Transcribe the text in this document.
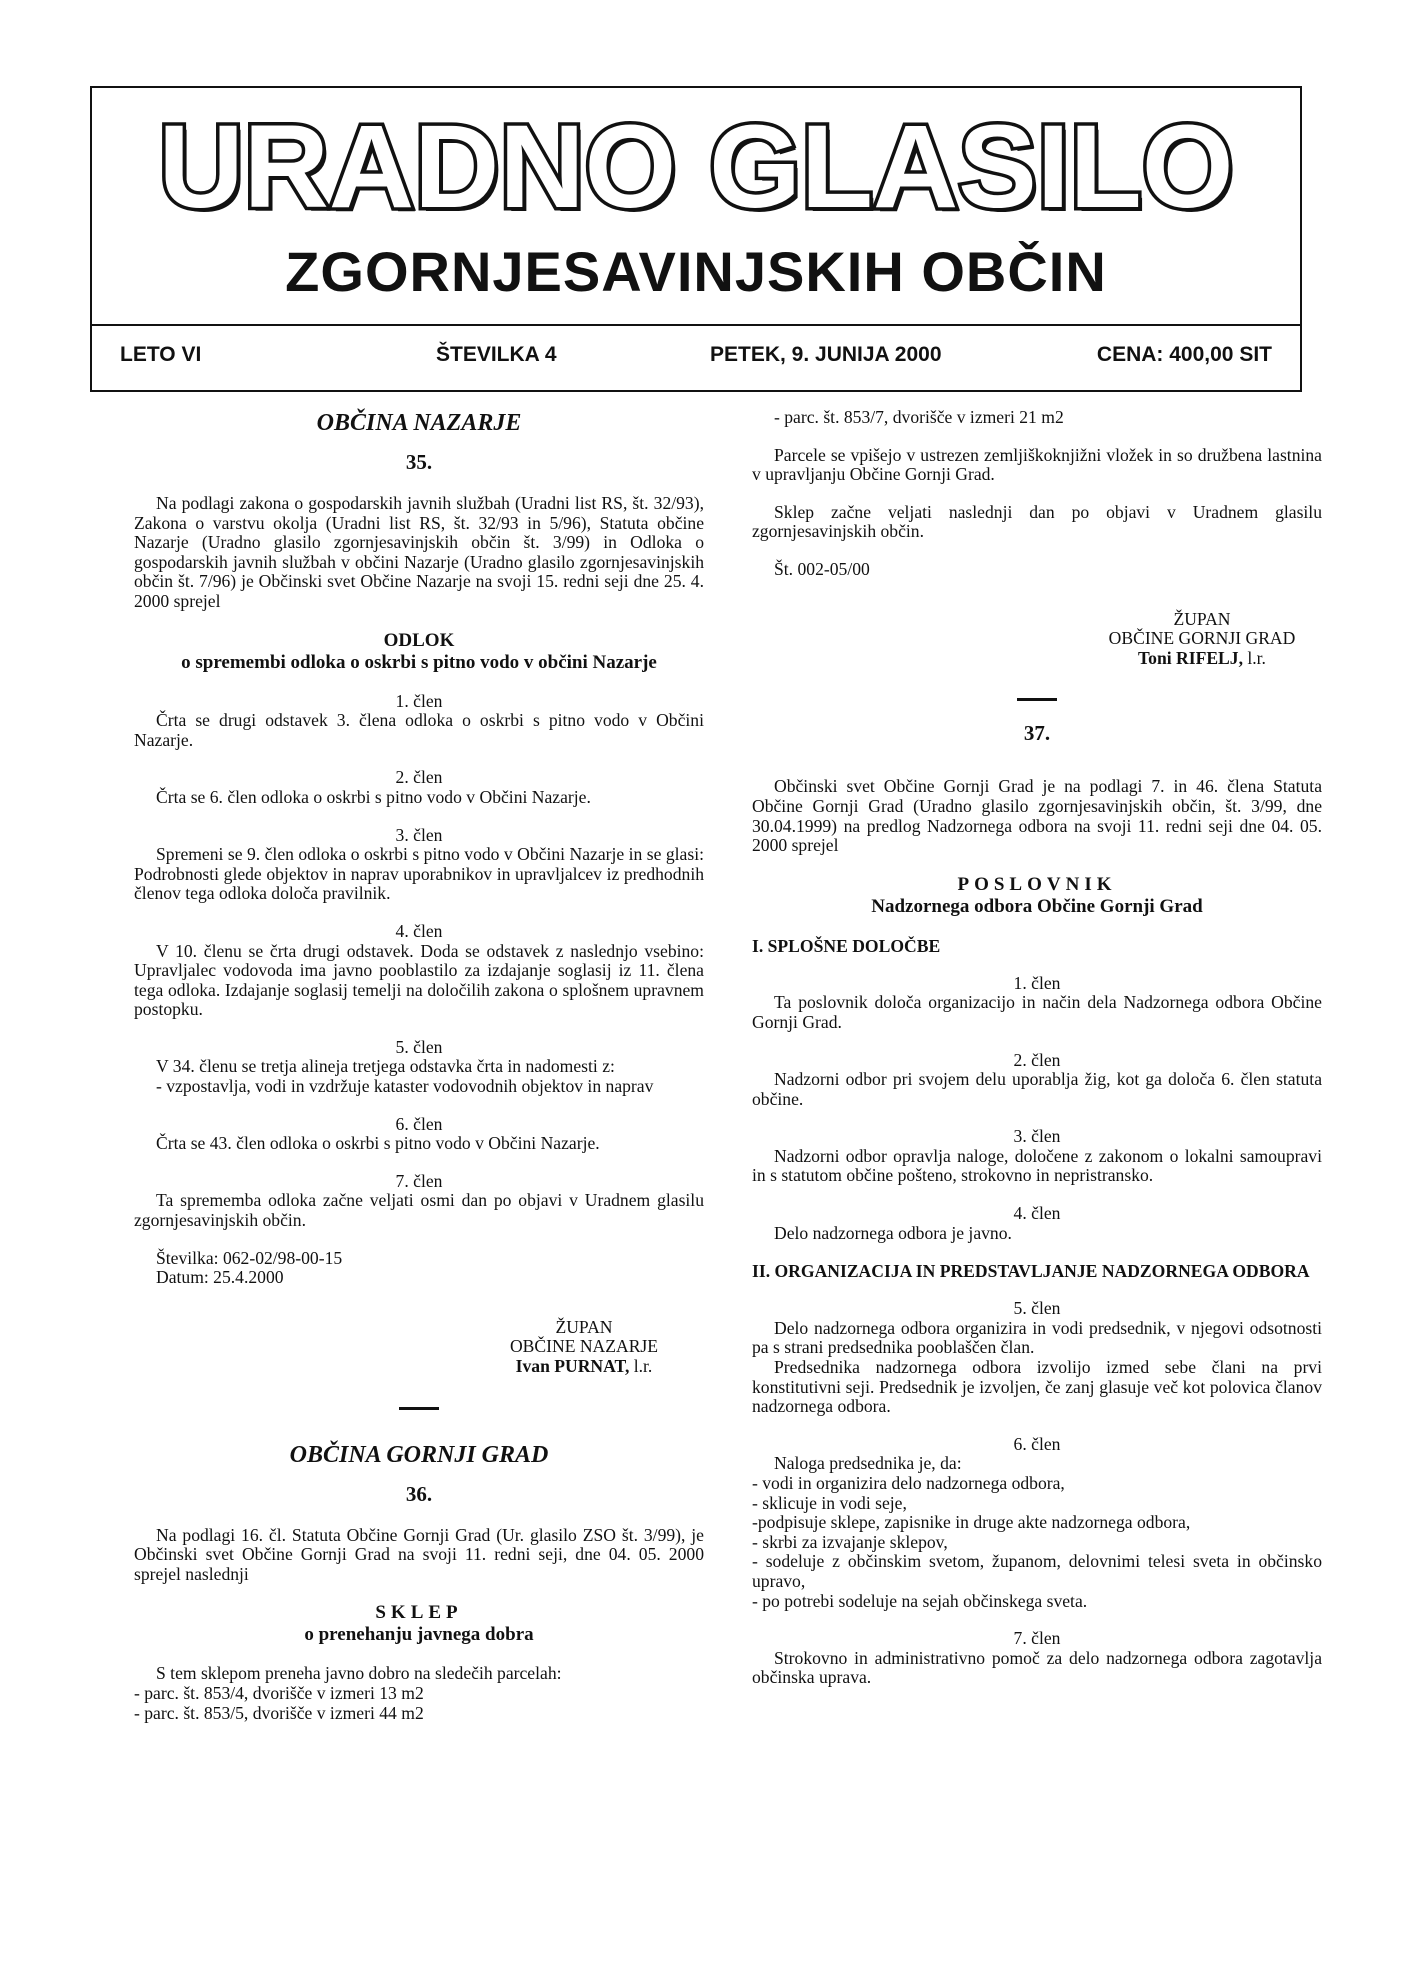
URADNO GLASILO
ZGORNJESAVINJSKIH OBČIN
LETO VI	ŠTEVILKA 4	PETEK, 9. JUNIJA 2000	CENA: 400,00 SIT
OBČINA NAZARJE
35.

Na podlagi zakona o gospodarskih javnih službah (Uradni list RS, št. 32/93), Zakona o varstvu okolja (Uradni list RS, št. 32/93 in 5/96), Statuta občine Nazarje (Uradno glasilo zgornjesavinjskih občin št. 3/99) in Odloka o gospodarskih javnih službah v občini Nazarje (Uradno glasilo zgornjesavinjskih občin št. 7/96) je Občinski svet Občine Nazarje na svoji 15. redni seji dne 25. 4. 2000 sprejel

ODLOK
o spremembi odloka o oskrbi s pitno vodo v občini Nazarje
1. člen

Črta se drugi odstavek 3. člena odloka o oskrbi s pitno vodo v Občini Nazarje.

2. člen

Črta se 6. člen odloka o oskrbi s pitno vodo v Občini Nazarje.

3. člen

Spremeni se 9. člen odloka o oskrbi s pitno vodo v Občini Nazarje in se glasi: Podrobnosti glede objektov in naprav uporabnikov in upravljalcev iz predhodnih členov tega odloka določa pravilnik.

4. člen

V 10. členu se črta drugi odstavek. Doda se odstavek z naslednjo vsebino: Upravljalec vodovoda ima javno pooblastilo za izdajanje soglasij iz 11. člena tega odloka. Izdajanje soglasij temelji na določilih zakona o splošnem upravnem postopku.

5. člen

V 34. členu se tretja alineja tretjega odstavka črta in nadomesti z:

- vzpostavlja, vodi in vzdržuje kataster vodovodnih objektov in naprav

6. člen

Črta se 43. člen odloka o oskrbi s pitno vodo v Občini Nazarje.

7. člen

Ta sprememba odloka začne veljati osmi dan po objavi v Uradnem glasilu zgornjesavinjskih občin.

Številka: 062-02/98-00-15

Datum: 25.4.2000

ŽUPAN
OBČINE NAZARJE
Ivan PURNAT, l.r.
OBČINA GORNJI GRAD
36.

Na podlagi 16. čl. Statuta Občine Gornji Grad (Ur. glasilo ZSO št. 3/99), je Občinski svet Občine Gornji Grad na svoji 11. redni seji, dne 04. 05. 2000 sprejel naslednji

SKLEP
o prenehanju javnega dobra

S tem sklepom preneha javno dobro na sledečih parcelah:

- parc. št. 853/4, dvorišče v izmeri 13 m2

- parc. št. 853/5, dvorišče v izmeri 44 m2

- parc. št. 853/7, dvorišče v izmeri 21 m2

Parcele se vpišejo v ustrezen zemljiškoknjižni vložek in so družbena lastnina v upravljanju Občine Gornji Grad.

Sklep začne veljati naslednji dan po objavi v Uradnem glasilu zgornjesavinjskih občin.

Št. 002-05/00

ŽUPAN
OBČINE GORNJI GRAD
Toni RIFELJ, l.r.
37.

Občinski svet Občine Gornji Grad je na podlagi 7. in 46. člena Statuta Občine Gornji Grad (Uradno glasilo zgornjesavinjskih občin, št. 3/99, dne 30.04.1999) na predlog Nadzornega odbora na svoji 11. redni seji dne 04. 05. 2000 sprejel

POSLOVNIK
Nadzornega odbora Občine Gornji Grad
I. SPLOŠNE DOLOČBE
1. člen

Ta poslovnik določa organizacijo in način dela Nadzornega odbora Občine Gornji Grad.

2. člen

Nadzorni odbor pri svojem delu uporablja žig, kot ga določa 6. člen statuta občine.

3. člen

Nadzorni odbor opravlja naloge, določene z zakonom o lokalni samoupravi in s statutom občine pošteno, strokovno in nepristransko.

4. člen

Delo nadzornega odbora je javno.

II. ORGANIZACIJA IN PREDSTAVLJANJE NADZORNEGA ODBORA
5. člen

Delo nadzornega odbora organizira in vodi predsednik, v njegovi odsotnosti pa s strani predsednika pooblaščen član.

Predsednika nadzornega odbora izvolijo izmed sebe člani na prvi konstitutivni seji. Predsednik je izvoljen, če zanj glasuje več kot polovica članov nadzornega odbora.

6. člen

Naloga predsednika je, da:

- vodi in organizira delo nadzornega odbora,

- sklicuje in vodi seje,

-podpisuje sklepe, zapisnike in druge akte nadzornega odbora,

- skrbi za izvajanje sklepov,

- sodeluje z občinskim svetom, županom, delovnimi telesi sveta in občinsko upravo,

- po potrebi sodeluje na sejah občinskega sveta.

7. člen

Strokovno in administrativno pomoč za delo nadzornega odbora zagotavlja občinska uprava.
